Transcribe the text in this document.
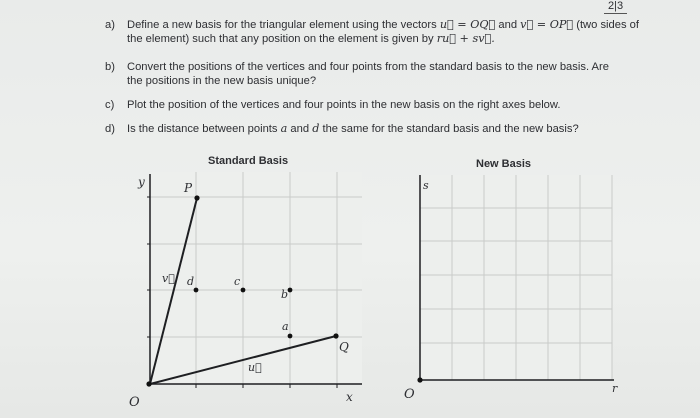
2|3
a) Define a new basis for the triangular element using the vectors u⃗ = OQ⃗ and v⃗ = OP⃗ (two sides of
the element) such that any position on the element is given by ru⃗ + sv⃗.
b) Convert the positions of the vertices and four points from the standard basis to the new basis. Are
the positions in the new basis unique?
c) Plot the position of the vertices and four points in the new basis on the right axes below.
d) Is the distance between points a and d the same for the standard basis and the new basis?
Standard Basis	New Basis
y
x
O
P
Q
a
b
c
d
v⃗
u⃗
s
r
O
